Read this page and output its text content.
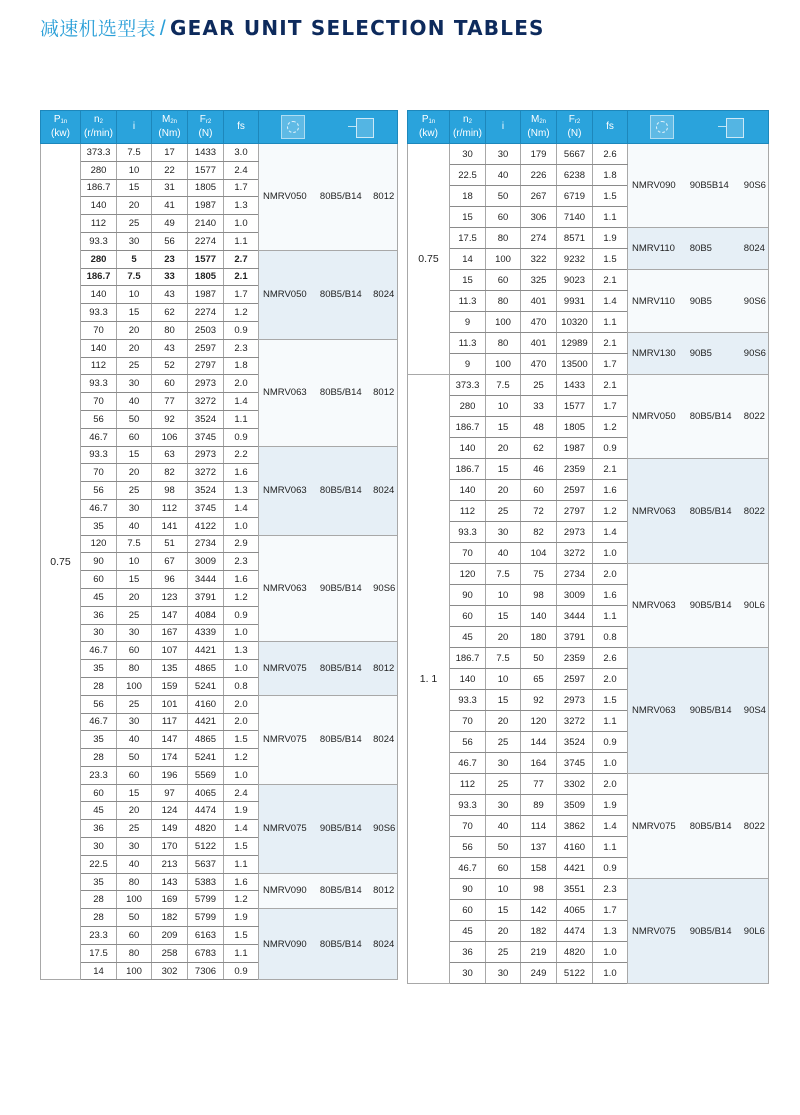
减速机选型表 / GEAR UNIT SELECTION TABLES
$P_{1n}$
(kw)	$n_2$
(r/min)	i	$M_{2n}$
(Nm)	$F_{r2}$
(N)	fs	

0.75	373.3	7.5	17	1433	3.0	NMRV050 80B5/B14 8012

	280	10	22	1577	2.4	
	186.7	15	31	1805	1.7	
	140	20	41	1987	1.3	
	112	25	49	2140	1.0	
	93.3	30	56	2274	1.1	
	280	5	23	1577	2.7	NMRV050 80B5/B14 8024

	186.7	7.5	33	1805	2.1	
	140	10	43	1987	1.7	
	93.3	15	62	2274	1.2	
	70	20	80	2503	0.9	
	140	20	43	2597	2.3	NMRV063 80B5/B14 8012

	112	25	52	2797	1.8	
	93.3	30	60	2973	2.0	
	70	40	77	3272	1.4	
	56	50	92	3524	1.1	
	46.7	60	106	3745	0.9	
	93.3	15	63	2973	2.2	NMRV063 80B5/B14 8024

	70	20	82	3272	1.6	
	56	25	98	3524	1.3	
	46.7	30	112	3745	1.4	
	35	40	141	4122	1.0	
	120	7.5	51	2734	2.9	NMRV063 90B5/B14 90S6

	90	10	67	3009	2.3	
	60	15	96	3444	1.6	
	45	20	123	3791	1.2	
	36	25	147	4084	0.9	
	30	30	167	4339	1.0	
	46.7	60	107	4421	1.3	NMRV075 80B5/B14 8012

	35	80	135	4865	1.0	
	28	100	159	5241	0.8	
	56	25	101	4160	2.0	NMRV075 80B5/B14 8024

	46.7	30	117	4421	2.0	
	35	40	147	4865	1.5	
	28	50	174	5241	1.2	
	23.3	60	196	5569	1.0	
	60	15	97	4065	2.4	NMRV075 90B5/B14 90S6

	45	20	124	4474	1.9	
	36	25	149	4820	1.4	
	30	30	170	5122	1.5	
	22.5	40	213	5637	1.1	
	35	80	143	5383	1.6	NMRV090 80B5/B14 8012

	28	100	169	5799	1.2	
	28	50	182	5799	1.9	NMRV090 80B5/B14 8024

	23.3	60	209	6163	1.5	
	17.5	80	258	6783	1.1	
	14	100	302	7306	0.9	
$P_{1n}$
(kw)	$n_2$
(r/min)	i	$M_{2n}$
(Nm)	$F_{r2}$
(N)	fs	

0.75	30	30	179	5667	2.6	NMRV090 90B5B14 90S6

	22.5	40	226	6238	1.8	
	18	50	267	6719	1.5	
	15	60	306	7140	1.1	
	17.5	80	274	8571	1.9	NMRV110 80B5 8024

	14	100	322	9232	1.5	
	15	60	325	9023	2.1	NMRV110 90B5 90S6

	11.3	80	401	9931	1.4	
	9	100	470	10320	1.1	
	11.3	80	401	12989	2.1	NMRV130 90B5 90S6

	9	100	470	13500	1.7	
1. 1	373.3	7.5	25	1433	2.1	NMRV050 80B5/B14 8022

	280	10	33	1577	1.7	
	186.7	15	48	1805	1.2	
	140	20	62	1987	0.9	
	186.7	15	46	2359	2.1	NMRV063 80B5/B14 8022

	140	20	60	2597	1.6	
	112	25	72	2797	1.2	
	93.3	30	82	2973	1.4	
	70	40	104	3272	1.0	
	120	7.5	75	2734	2.0	NMRV063 90B5/B14 90L6

	90	10	98	3009	1.6	
	60	15	140	3444	1.1	
	45	20	180	3791	0.8	
	186.7	7.5	50	2359	2.6	NMRV063 90B5/B14 90S4

	140	10	65	2597	2.0	
	93.3	15	92	2973	1.5	
	70	20	120	3272	1.1	
	56	25	144	3524	0.9	
	46.7	30	164	3745	1.0	
	112	25	77	3302	2.0	NMRV075 80B5/B14 8022

	93.3	30	89	3509	1.9	
	70	40	114	3862	1.4	
	56	50	137	4160	1.1	
	46.7	60	158	4421	0.9	
	90	10	98	3551	2.3	NMRV075 90B5/B14 90L6

	60	15	142	4065	1.7	
	45	20	182	4474	1.3	
	36	25	219	4820	1.0	
	30	30	249	5122	1.0	
